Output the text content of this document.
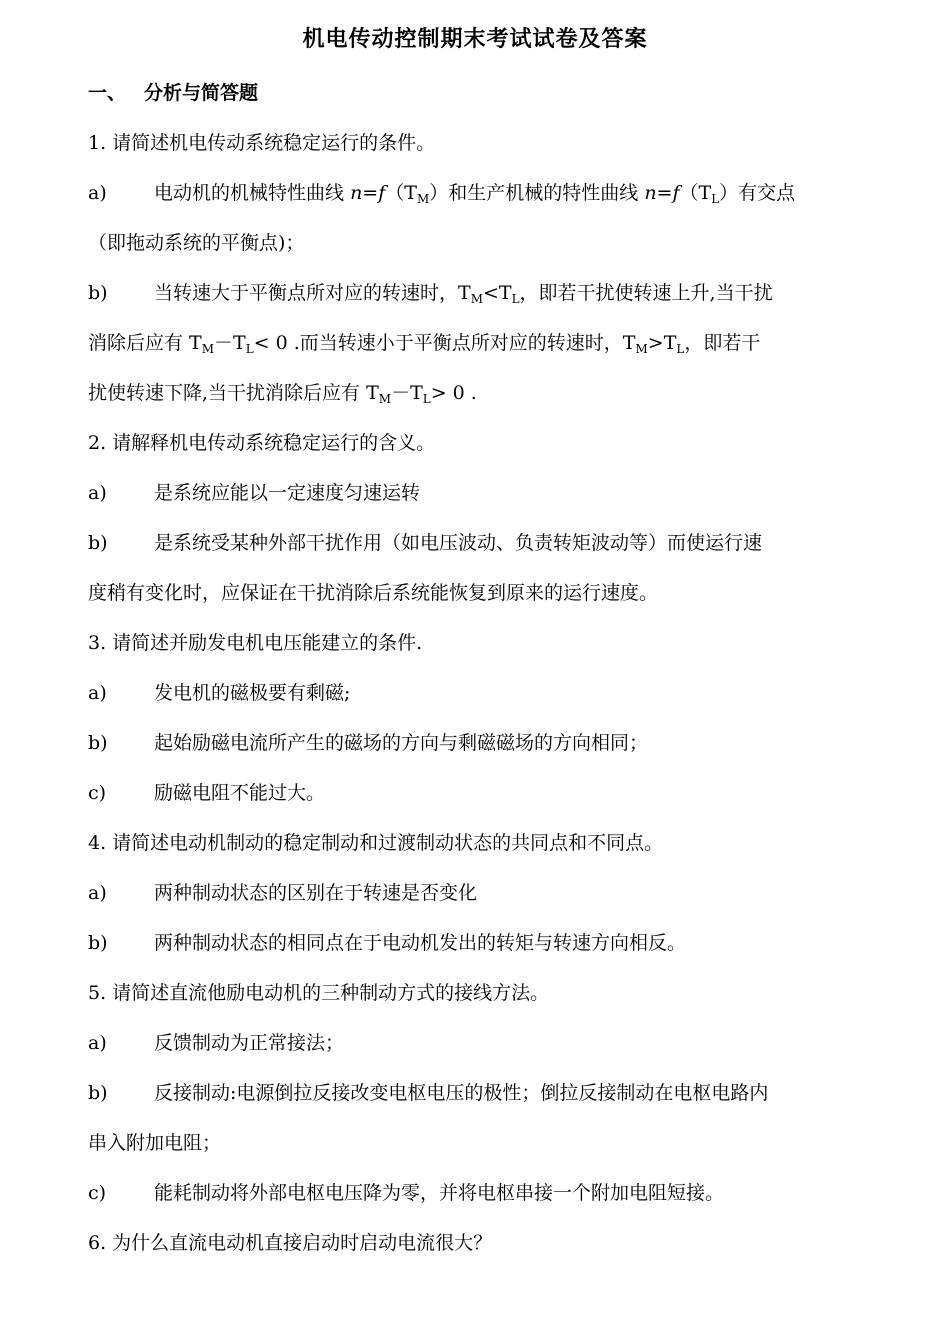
机电传动控制期末考试试卷及答案
一、 分析与简答题
1. 请简述机电传动系统稳定运行的条件。
a) 电动机的机械特性曲线 $n=f(T_M)$和生产机械的特性曲线 $n=f(T_L)$有交点
（即拖动系统的平衡点)；
b) 当转速大于平衡点所对应的转速时，$T_M<T_L$，即若干扰使转速上升,当干扰
消除后应有 $T_M-T_L< 0$ .而当转速小于平衡点所对应的转速时，$T_M>T_L$，即若干
扰使转速下降,当干扰消除后应有 $T_M-T_L> 0$ .
2. 请解释机电传动系统稳定运行的含义。
a) 是系统应能以一定速度匀速运转
b) 是系统受某种外部干扰作用（如电压波动、负责转矩波动等）而使运行速
度稍有变化时，应保证在干扰消除后系统能恢复到原来的运行速度。
3. 请简述并励发电机电压能建立的条件.
a) 发电机的磁极要有剩磁;
b) 起始励磁电流所产生的磁场的方向与剩磁磁场的方向相同；
c)	励磁电阻不能过大。
4. 请简述电动机制动的稳定制动和过渡制动状态的共同点和不同点。
a) 两种制动状态的区别在于转速是否变化
b) 两种制动状态的相同点在于电动机发出的转矩与转速方向相反。
5. 请简述直流他励电动机的三种制动方式的接线方法。
a) 反馈制动为正常接法；
b) 反接制动:电源倒拉反接改变电枢电压的极性；倒拉反接制动在电枢电路内
串入附加电阻；
c)	能耗制动将外部电枢电压降为零，并将电枢串接一个附加电阻短接。
6. 为什么直流电动机直接启动时启动电流很大？
